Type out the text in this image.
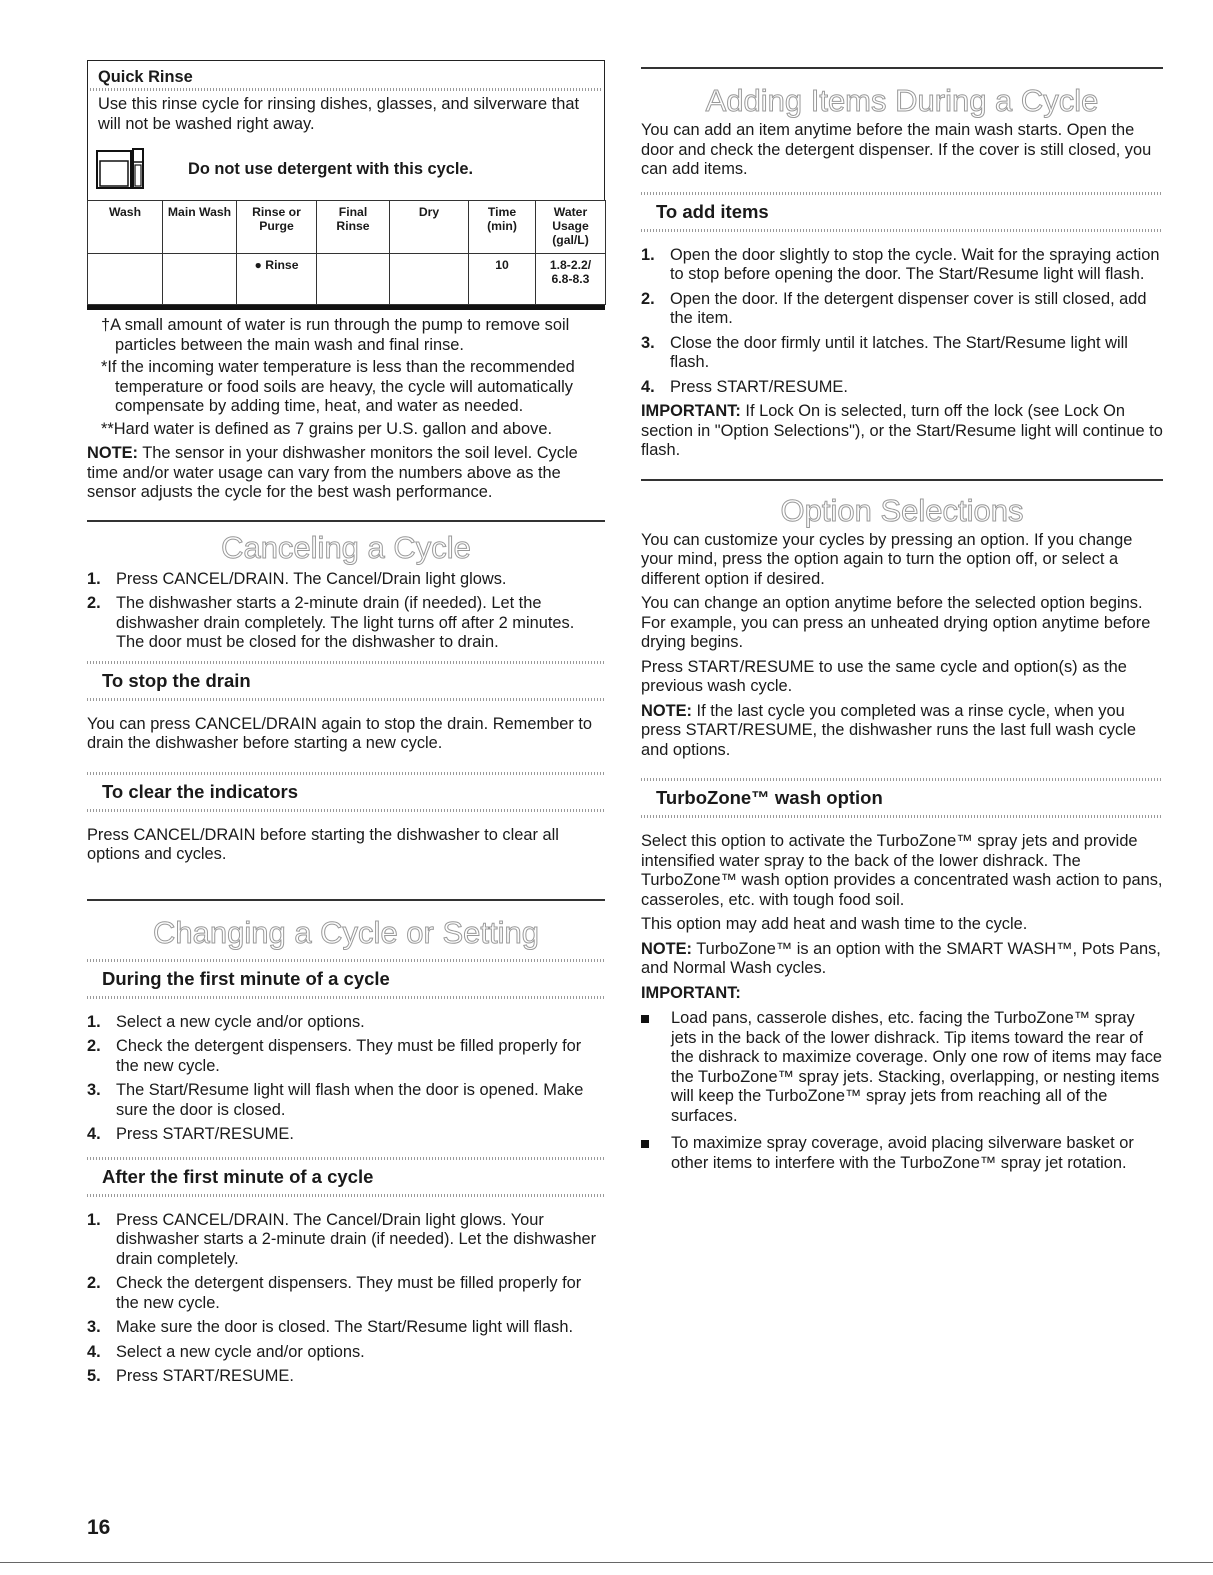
Quick Rinse

Use this rinse cycle for rinsing dishes, glasses, and silverware that will not be washed right away.

Do not use detergent with this cycle.
Wash	Main Wash	Rinse or Purge	Final Rinse	Dry	Time (min)	Water Usage (gal/L)
		● Rinse			10	1.8-2.2/ 6.8-8.3

†A small amount of water is run through the pump to remove soil particles between the main wash and final rinse.

*If the incoming water temperature is less than the recommended temperature or food soils are heavy, the cycle will automatically compensate by adding time, heat, and water as needed.

**Hard water is defined as 7 grains per U.S. gallon and above.

NOTE: The sensor in your dishwasher monitors the soil level. Cycle time and/or water usage can vary from the numbers above as the sensor adjusts the cycle for the best wash performance.

Canceling a Cycle
1. Press CANCEL/DRAIN. The Cancel/Drain light glows.
2. The dishwasher starts a 2-minute drain (if needed). Let the dishwasher drain completely. The light turns off after 2 minutes. The door must be closed for the dishwasher to drain.
To stop the drain

You can press CANCEL/DRAIN again to stop the drain. Remember to drain the dishwasher before starting a new cycle.

To clear the indicators

Press CANCEL/DRAIN before starting the dishwasher to clear all options and cycles.

Changing a Cycle or Setting
During the first minute of a cycle
1. Select a new cycle and/or options.
2. Check the detergent dispensers. They must be filled properly for the new cycle.
3. The Start/Resume light will flash when the door is opened. Make sure the door is closed.
4. Press START/RESUME.
After the first minute of a cycle
1. Press CANCEL/DRAIN. The Cancel/Drain light glows. Your dishwasher starts a 2-minute drain (if needed). Let the dishwasher drain completely.
2. Check the detergent dispensers. They must be filled properly for the new cycle.
3. Make sure the door is closed. The Start/Resume light will flash.
4. Select a new cycle and/or options.
5. Press START/RESUME.
Adding Items During a Cycle

You can add an item anytime before the main wash starts. Open the door and check the detergent dispenser. If the cover is still closed, you can add items.

To add items
1. Open the door slightly to stop the cycle. Wait for the spraying action to stop before opening the door. The Start/Resume light will flash.
2. Open the door. If the detergent dispenser cover is still closed, add the item.
3. Close the door firmly until it latches. The Start/Resume light will flash.
4. Press START/RESUME.

IMPORTANT: If Lock On is selected, turn off the lock (see Lock On section in "Option Selections"), or the Start/Resume light will continue to flash.

Option Selections

You can customize your cycles by pressing an option. If you change your mind, press the option again to turn the option off, or select a different option if desired.

You can change an option anytime before the selected option begins. For example, you can press an unheated drying option anytime before drying begins.

Press START/RESUME to use the same cycle and option(s) as the previous wash cycle.

NOTE: If the last cycle you completed was a rinse cycle, when you press START/RESUME, the dishwasher runs the last full wash cycle and options.

TurboZone™ wash option

Select this option to activate the TurboZone™ spray jets and provide intensified water spray to the back of the lower dishrack. The TurboZone™ wash option provides a concentrated wash action to pans, casseroles, etc. with tough food soil.

This option may add heat and wash time to the cycle.

NOTE: TurboZone™ is an option with the SMART WASH™, Pots Pans, and Normal Wash cycles.

IMPORTANT:

Load pans, casserole dishes, etc. facing the TurboZone™ spray jets in the back of the lower dishrack. Tip items toward the rear of the dishrack to maximize coverage. Only one row of items may face the TurboZone™ spray jets. Stacking, overlapping, or nesting items will keep the TurboZone™ spray jets from reaching all of the surfaces.
To maximize spray coverage, avoid placing silverware basket or other items to interfere with the TurboZone™ spray jet rotation.
16
